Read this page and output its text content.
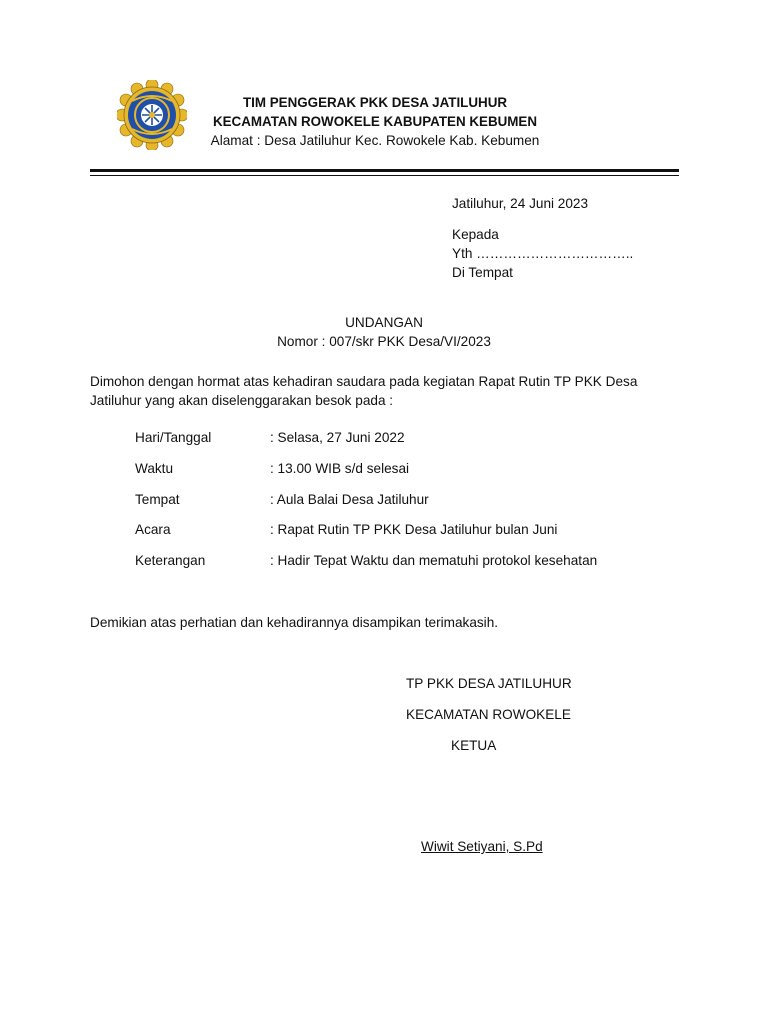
TIM PENGGERAK PKK DESA JATILUHUR
KECAMATAN ROWOKELE KABUPATEN KEBUMEN
Alamat : Desa Jatiluhur Kec. Rowokele Kab. Kebumen
Jatiluhur, 24 Juni 2023
Kepada
Yth ……………………………..
Di Tempat
UNDANGAN
Nomor : 007/skr PKK Desa/VI/2023
Dimohon dengan hormat atas kehadiran saudara pada kegiatan Rapat Rutin TP PKK Desa Jatiluhur yang akan diselenggarakan besok pada :
Hari/Tanggal	: Selasa, 27 Juni 2022
Waktu	: 13.00 WIB s/d selesai
Tempat	: Aula Balai Desa Jatiluhur
Acara	: Rapat Rutin TP PKK Desa Jatiluhur bulan Juni
Keterangan	: Hadir Tepat Waktu dan mematuhi protokol kesehatan
Demikian atas perhatian dan kehadirannya disampikan terimakasih.
TP PKK DESA JATILUHUR
KECAMATAN ROWOKELE
KETUA
Wiwit Setiyani, S.Pd
